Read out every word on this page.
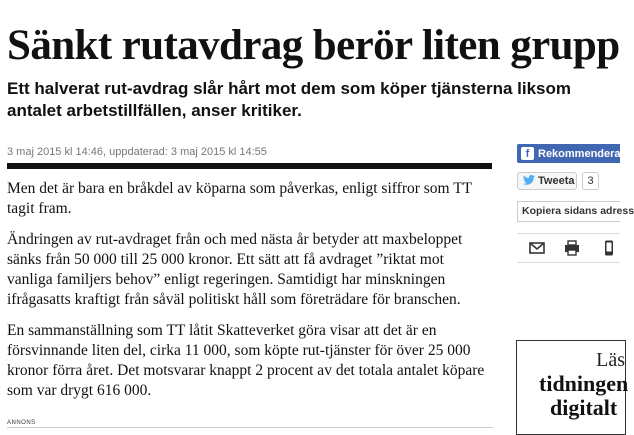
Sänkt rutavdrag berör liten grupp

Ett halverat rut-avdrag slår hårt mot dem som köper tjänsterna liksom antalet arbetstillfällen, anser kritiker.

3 maj 2015 kl 14:46, uppdaterad: 3 maj 2015 kl 14:55

Men det är bara en bråkdel av köparna som påverkas, enligt siffror som TT tagit fram.

Ändringen av rut-avdraget från och med nästa år betyder att maxbeloppet sänks från 50 000 till 25 000 kronor. Ett sätt att få avdraget ”riktat mot vanliga familjers behov” enligt regeringen. Samtidigt har minskningen ifrågasatts kraftigt från såväl politiskt håll som företrädare för branschen.

En sammanställning som TT låtit Skatteverket göra visar att det är en försvinnande liten del, cirka 11 000, som köpte rut-tjänster för över 25 000 kronor förra året. Det motsvarar knappt 2 procent av det totala antalet köpare som var drygt 616 000.

ANNONS
f Rekommendera
Tweeta	3
Kopiera sidans adress
Läs
tidningen
digitalt
